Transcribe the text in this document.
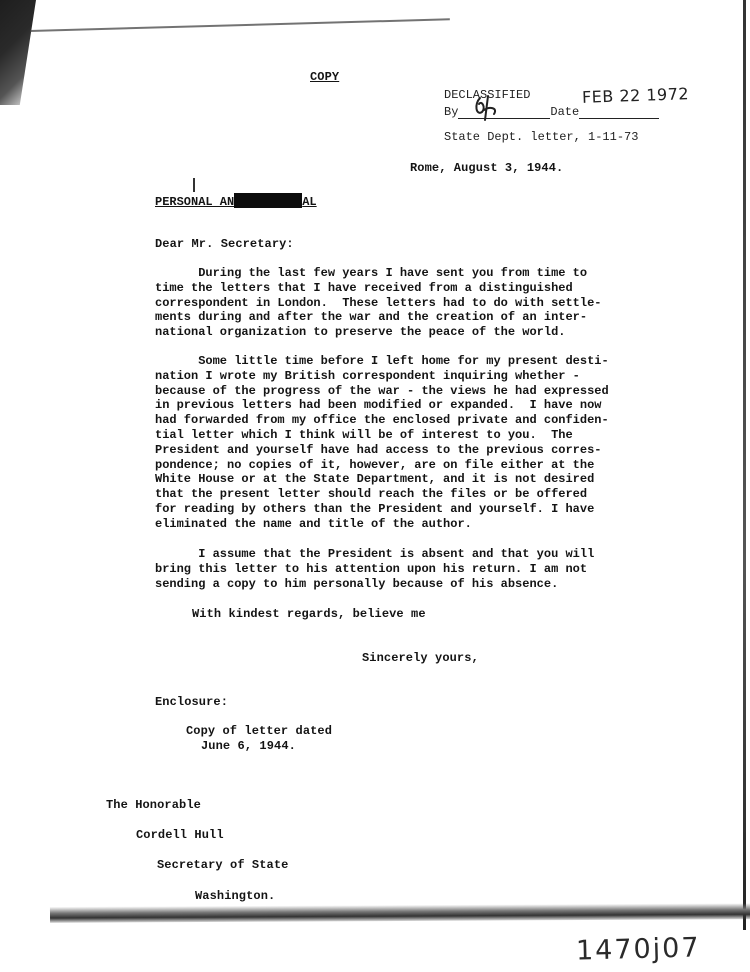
COPY

DECLASSIFIED

State Dept. letter, 1-11-73

By	Date
FEB 22 1972
Rome, August 3, 1944.
PERSONAL AN	AL
Dear Mr. Secretary:
During the last few years I have sent you from time to
time the letters that I have received from a distinguished
correspondent in London.  These letters had to do with settle-
ments during and after the war and the creation of an inter-
national organization to preserve the peace of the world.
Some little time before I left home for my present desti-
nation I wrote my British correspondent inquiring whether -
because of the progress of the war - the views he had expressed
in previous letters had been modified or expanded.  I have now
had forwarded from my office the enclosed private and confiden-
tial letter which I think will be of interest to you.  The
President and yourself have had access to the previous corres-
pondence; no copies of it, however, are on file either at the
White House or at the State Department, and it is not desired
that the present letter should reach the files or be offered
for reading by others than the President and yourself. I have
eliminated the name and title of the author.
I assume that the President is absent and that you will
bring this letter to his attention upon his return. I am not
sending a copy to him personally because of his absence.
With kindest regards, believe me
Sincerely yours,
Enclosure:
Copy of letter dated
June 6, 1944.
The Honorable
Cordell Hull
Secretary of State
Washington.
1470j07
